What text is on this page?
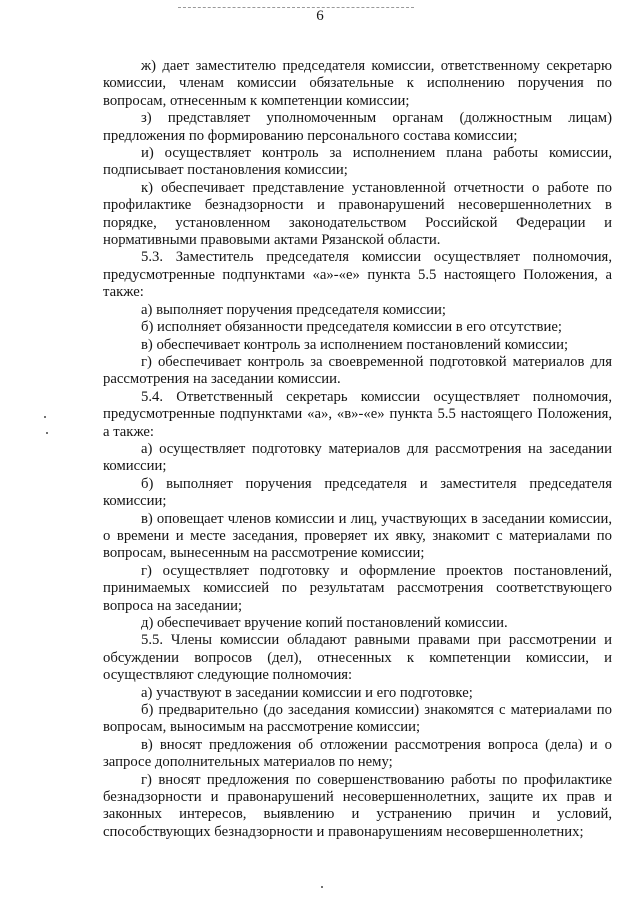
6

ж) дает заместителю председателя комиссии, ответственному секретарю комиссии, членам комиссии обязательные к исполнению поручения по вопросам, отнесенным к компетенции комиссии;

з) представляет уполномоченным органам (должностным лицам) предложения по формированию персонального состава комиссии;

и) осуществляет контроль за исполнением плана работы комиссии, подписывает постановления комиссии;

к) обеспечивает представление установленной отчетности о работе по профилактике безнадзорности и правонарушений несовершеннолетних в порядке, установленном законодательством Российской Федерации и нормативными правовыми актами Рязанской области.

5.3. Заместитель председателя комиссии осуществляет полномочия, предусмотренные подпунктами «а»-«е» пункта 5.5 настоящего Положения, а также:

а) выполняет поручения председателя комиссии;

б) исполняет обязанности председателя комиссии в его отсутствие;

в) обеспечивает контроль за исполнением постановлений комиссии;

г) обеспечивает контроль за своевременной подготовкой материалов для рассмотрения на заседании комиссии.

5.4. Ответственный секретарь комиссии осуществляет полномочия, предусмотренные подпунктами «а», «в»-«е» пункта 5.5 настоящего Положения, а также:

а) осуществляет подготовку материалов для рассмотрения на заседании комиссии;

б) выполняет поручения председателя и заместителя председателя комиссии;

в) оповещает членов комиссии и лиц, участвующих в заседании комиссии, о времени и месте заседания, проверяет их явку, знакомит с материалами по вопросам, вынесенным на рассмотрение комиссии;

г) осуществляет подготовку и оформление проектов постановлений, принимаемых комиссией по результатам рассмотрения соответствующего вопроса на заседании;

д) обеспечивает вручение копий постановлений комиссии.

5.5. Члены комиссии обладают равными правами при рассмотрении и обсуждении вопросов (дел), отнесенных к компетенции комиссии, и осуществляют следующие полномочия:

а) участвуют в заседании комиссии и его подготовке;

б) предварительно (до заседания комиссии) знакомятся с материалами по вопросам, выносимым на рассмотрение комиссии;

в) вносят предложения об отложении рассмотрения вопроса (дела) и о запросе дополнительных материалов по нему;

г) вносят предложения по совершенствованию работы по профилактике безнадзорности и правонарушений несовершеннолетних, защите их прав и законных интересов, выявлению и устранению причин и условий, способствующих безнадзорности и правонарушениям несовершеннолетних;
